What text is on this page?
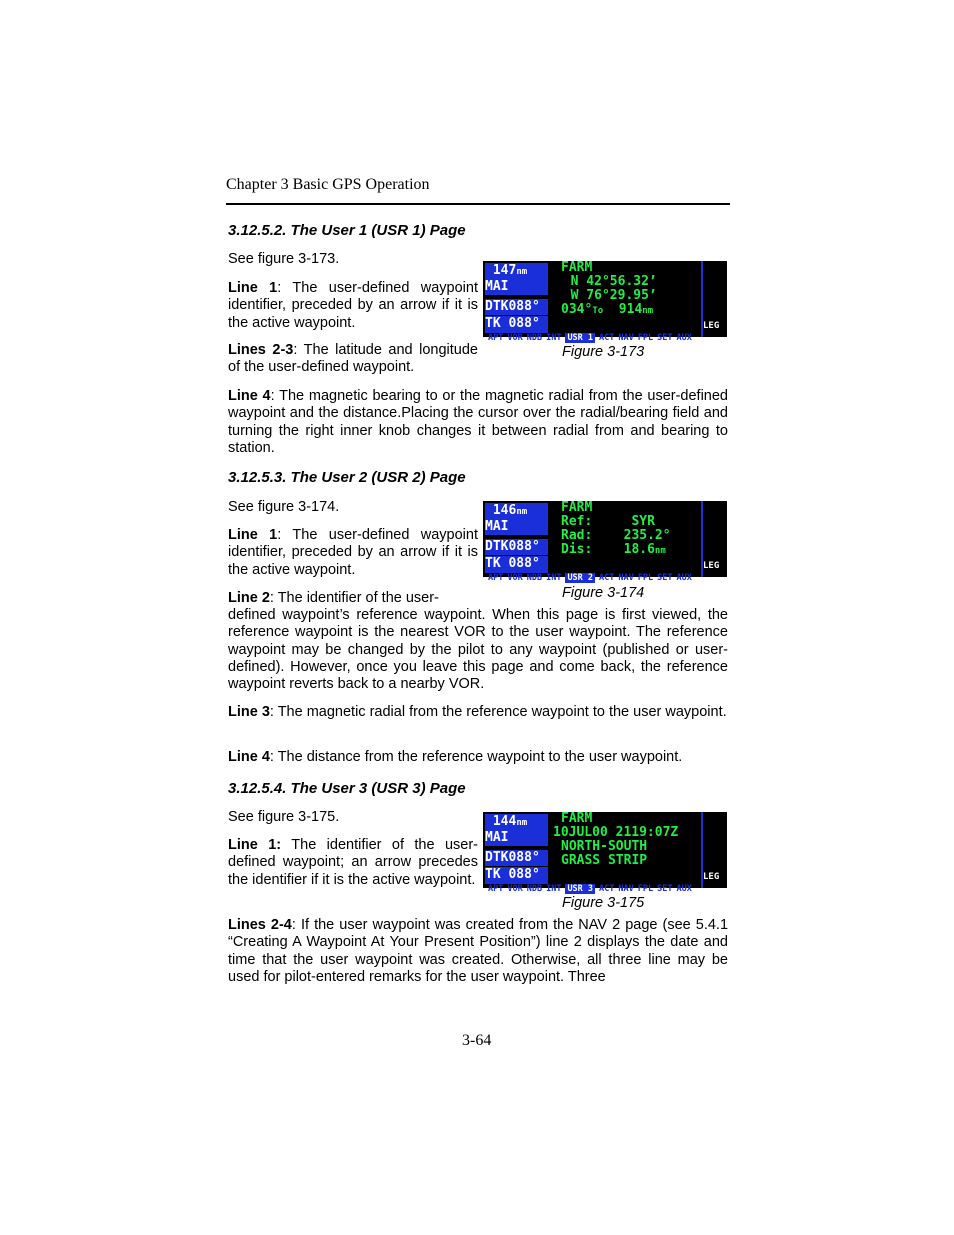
Chapter 3 Basic GPS Operation
3.12.5.2. The User 1 (USR 1) Page
See figure 3-173.
Line 1: The user-defined waypoint identifier, preceded by an arrow if it is the active waypoint.
Lines 2-3: The latitude and longitude of the user-defined waypoint.
147nm
MAI
DTK088°
TK 088°
FARM
N 42°56.32’
W 76°29.95’
034°To  914nm
LEG
APT VOR NDB INT USR 1 ACT NAV FPL SET AUX
Figure 3-173
Line 4: The magnetic bearing to or the magnetic radial from the user-defined waypoint and the distance.Placing the cursor over the radial/bearing field and turning the right inner knob changes it between radial from and bearing to station.
3.12.5.3. The User 2 (USR 2) Page
See figure 3-174.
Line 1: The user-defined waypoint identifier, preceded by an arrow if it is the active waypoint.
Line 2: The identifier of the user-
defined waypoint’s reference waypoint. When this page is first viewed, the reference waypoint is the nearest VOR to the user waypoint. The reference waypoint may be changed by the pilot to any waypoint (published or user-defined). However, once you leave this page and come back, the reference waypoint reverts back to a nearby VOR.
146nm
MAI
DTK088°
TK 088°
FARM
Ref:     SYR
Rad:    235.2°
Dis:    18.6nm
LEG
APT VOR NDB INT USR 2 ACT NAV FPL SET AUX
Figure 3-174
Line 3: The magnetic radial from the reference waypoint to the user waypoint.
Line 4: The distance from the reference waypoint to the user waypoint.
3.12.5.4. The User 3 (USR 3) Page
See figure 3-175.
Line 1: The identifier of the user-defined waypoint; an arrow precedes the identifier if it is the active waypoint.
144nm
MAI
DTK088°
TK 088°
FARM
10JUL00 2119:07Z
NORTH-SOUTH
GRASS STRIP
LEG
APT VOR NDB INT USR 3 ACT NAV FPL SET AUX
Figure 3-175
Lines 2-4: If the user waypoint was created from the NAV 2 page (see 5.4.1 “Creating A Waypoint At Your Present Position”) line 2 displays the date and time that the user waypoint was created. Otherwise, all three line may be used for pilot-entered remarks for the user waypoint. Three
3-64
